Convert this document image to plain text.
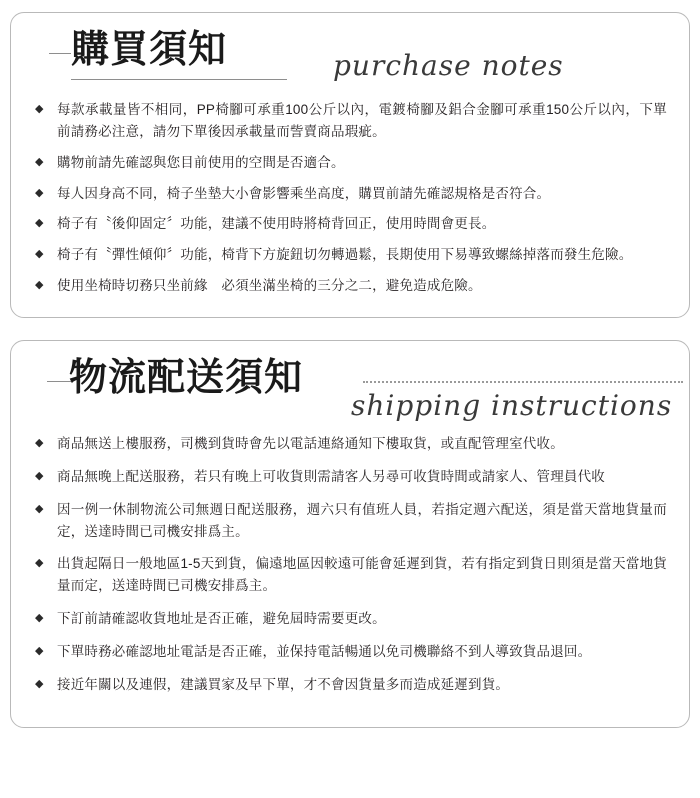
購買須知	purchase notes
◆ 每款承載量皆不相同，PP椅腳可承重100公斤以內，電鍍椅腳及鋁合金腳可承重150公斤以內，下單前請務必注意，請勿下單後因承載量而訾賣商品瑕疵。
◆ 購物前請先確認與您目前使用的空間是否適合。
◆ 每人因身高不同，椅子坐墊大小會影響乘坐高度，購買前請先確認規格是否符合。
◆ 椅子有〝後仰固定〞功能，建議不使用時將椅背回正，使用時間會更長。
◆ 椅子有〝彈性傾仰〞功能，椅背下方旋鈕切勿轉過鬆，長期使用下易導致螺絲掉落而發生危險。
◆ 使用坐椅時切務只坐前緣　必須坐滿坐椅的三分之二，避免造成危險。
物流配送須知
shipping instructions
◆ 商品無送上樓服務，司機到貨時會先以電話連絡通知下樓取貨，或直配管理室代收。
◆ 商品無晚上配送服務，若只有晚上可收貨則需請客人另尋可收貨時間或請家人、管理員代收
◆ 因一例一休制物流公司無週日配送服務，週六只有值班人員，若指定週六配送，須是當天當地貨量而定，送達時間已司機安排爲主。
◆ 出貨起隔日一般地區1-5天到貨，偏遠地區因較遠可能會延遲到貨，若有指定到貨日則須是當天當地貨量而定，送達時間已司機安排爲主。
◆ 下訂前請確認收貨地址是否正確，避免屆時需要更改。
◆ 下單時務必確認地址電話是否正確，並保持電話暢通以免司機聯絡不到人導致貨品退回。
◆ 接近年關以及連假，建議買家及早下單，才不會因貨量多而造成延遲到貨。
